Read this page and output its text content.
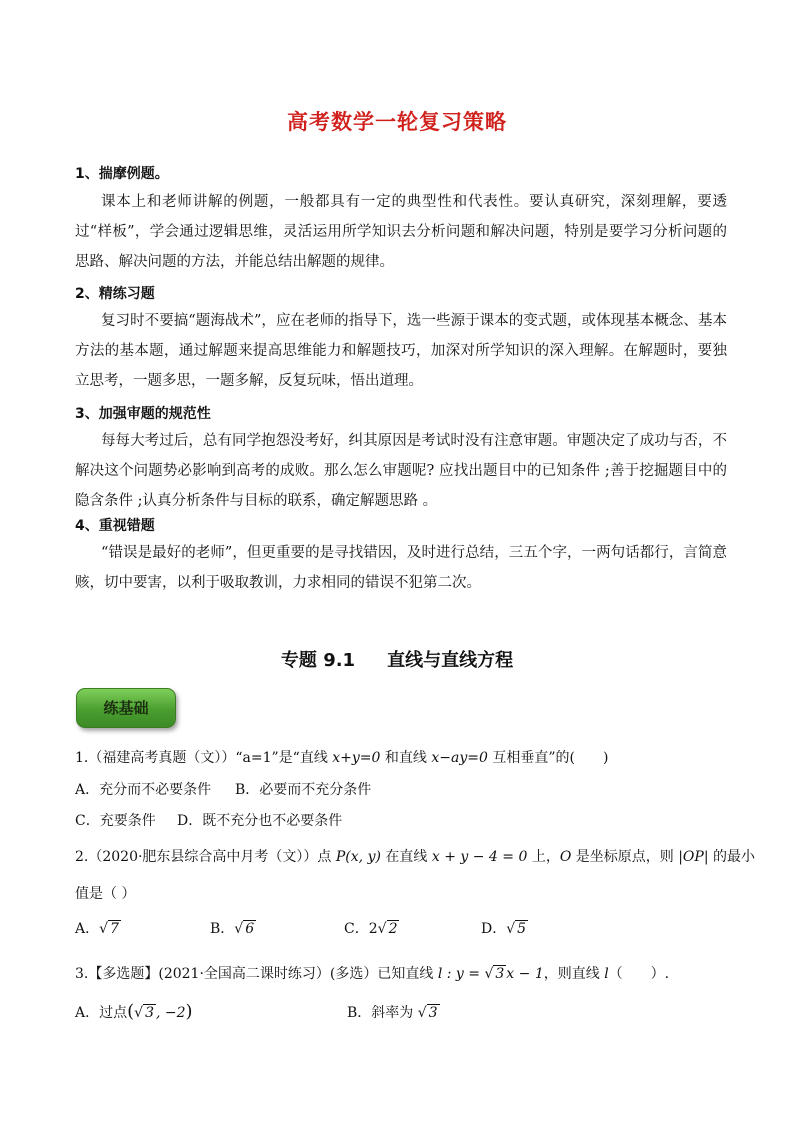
高考数学一轮复习策略
1、揣摩例题。
课本上和老师讲解的例题，一般都具有一定的典型性和代表性。要认真研究，深刻理解，要透过“样板”，学会通过逻辑思维，灵活运用所学知识去分析问题和解决问题，特别是要学习分析问题的思路、解决问题的方法，并能总结出解题的规律。
2、精练习题
复习时不要搞“题海战术”，应在老师的指导下，选一些源于课本的变式题，或体现基本概念、基本方法的基本题，通过解题来提高思维能力和解题技巧，加深对所学知识的深入理解。在解题时，要独立思考，一题多思，一题多解，反复玩味，悟出道理。
3、加强审题的规范性
每每大考过后，总有同学抱怨没考好，纠其原因是考试时没有注意审题。审题决定了成功与否，不解决这个问题势必影响到高考的成败。那么怎么审题呢? 应找出题目中的已知条件 ;善于挖掘题目中的隐含条件 ;认真分析条件与目标的联系，确定解题思路 。
4、重视错题
“错误是最好的老师”，但更重要的是寻找错因，及时进行总结，三五个字，一两句话都行，言简意赅，切中要害，以利于吸取教训，力求相同的错误不犯第二次。
专题 9.1 直线与直线方程
练基础
1.（福建高考真题（文））“a=1”是“直线 x+y=0 和直线 x−ay=0 互相垂直”的(　　)
A．充分而不必要条件 B．必要而不充分条件
C．充要条件 D．既不充分也不必要条件
2.（2020·肥东县综合高中月考（文））点 P(x, y) 在直线 x + y − 4 = 0 上，O 是坐标原点，则 |OP| 的最小
值是（ ）
A．√ 7	B．√ 6	C．2√ 2	D．√ 5
3.【多选题】(2021·全国高二课时练习）(多选）已知直线 l : y = √ 3 x − 1，则直线 l（　　）.
A．过点(√ 3 , −2)	B．斜率为 √ 3
